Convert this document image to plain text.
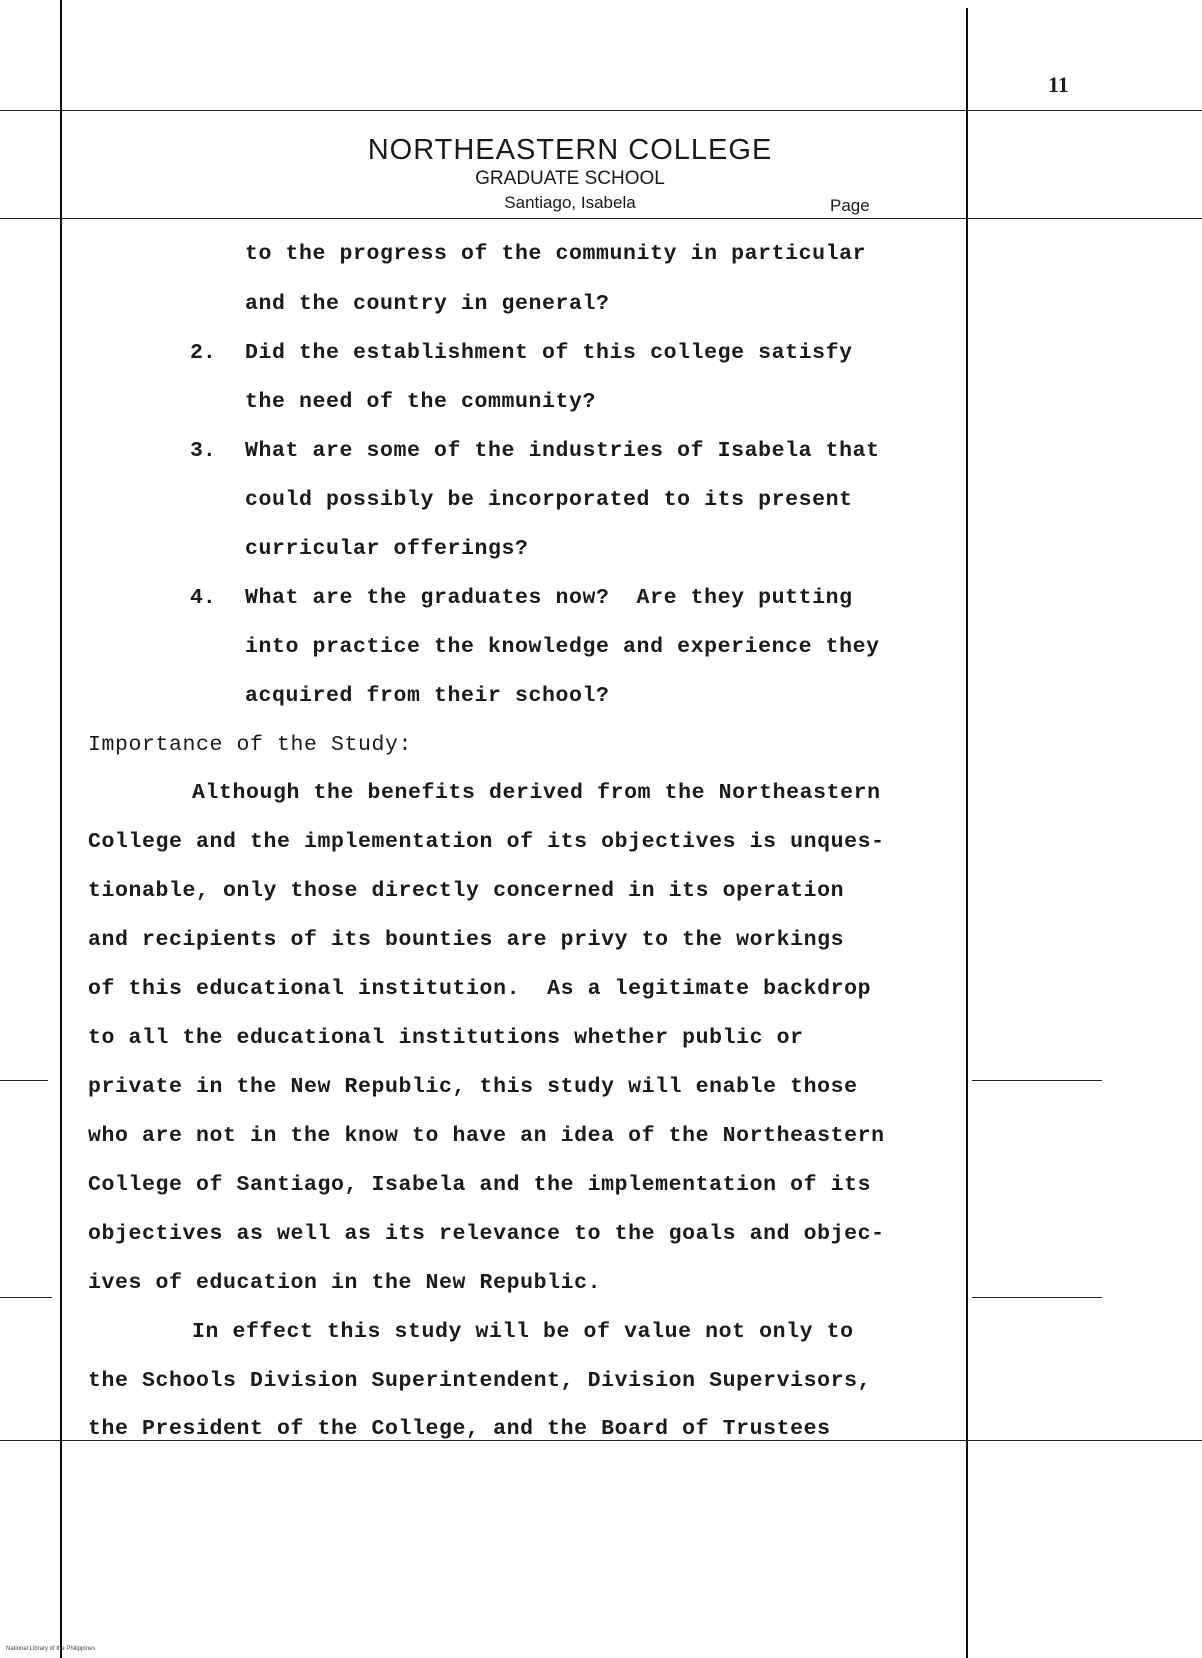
11
NORTHEASTERN COLLEGE
GRADUATE SCHOOL
Santiago, Isabela	Page
to the progress of the community in particular
and the country in general?
2. Did the establishment of this college satisfy
the need of the community?
3. What are some of the industries of Isabela that
could possibly be incorporated to its present
curricular offerings?
4. What are the graduates now?  Are they putting
into practice the knowledge and experience they
acquired from their school?
Importance of the Study:
Although the benefits derived from the Northeastern
College and the implementation of its objectives is unques-
tionable, only those directly concerned in its operation
and recipients of its bounties are privy to the workings
of this educational institution.  As a legitimate backdrop
to all the educational institutions whether public or
private in the New Republic, this study will enable those
who are not in the know to have an idea of the Northeastern
College of Santiago, Isabela and the implementation of its
objectives as well as its relevance to the goals and objec-
ives of education in the New Republic.
In effect this study will be of value not only to
the Schools Division Superintendent, Division Supervisors,
the President of the College, and the Board of Trustees
National Library of the Philippines
